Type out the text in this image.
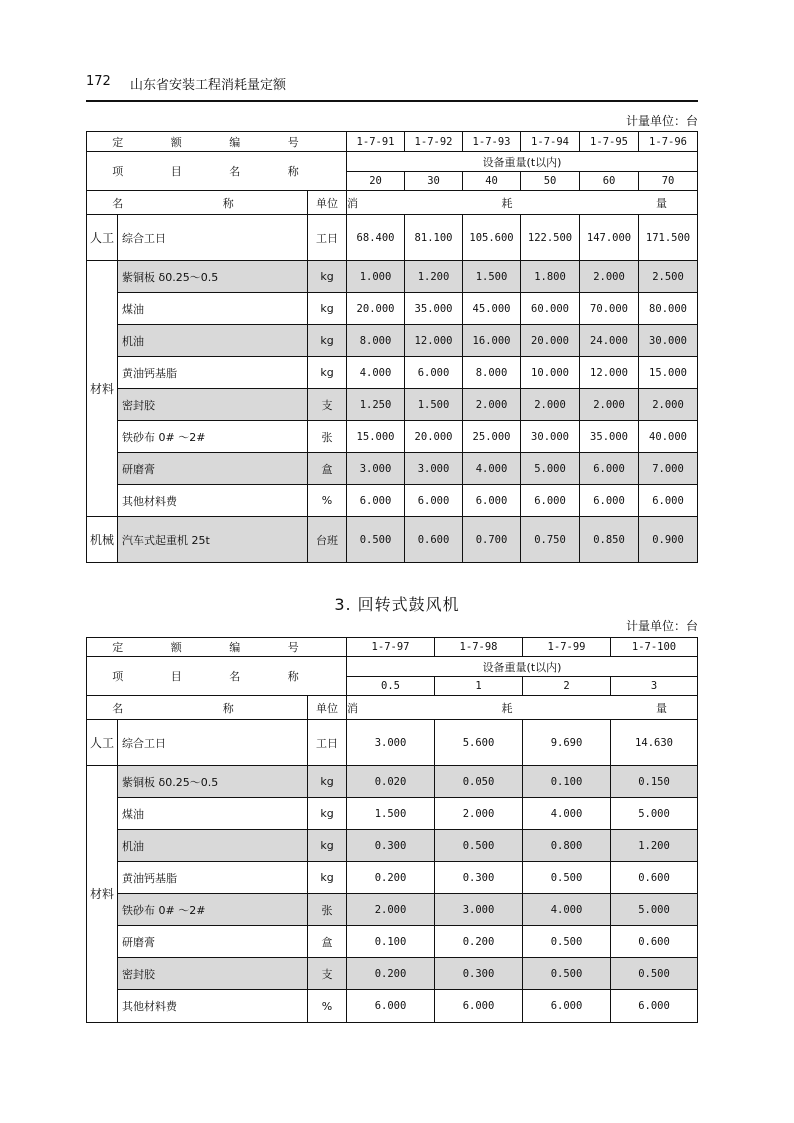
172 山东省安装工程消耗量定额
计量单位：台
定 额 编 号			1-7-91	1-7-92	1-7-93	1-7-94	1-7-95	1-7-96
项 目 名 称			设备重量(t以内)					
			20	30	40	50	60	70
名 称		单位	消 耗 量					
人工	综合工日	工日	68.400	81.100	105.600	122.500	147.000	171.500
材料	紫铜板 δ0.25～0.5	kg	1.000	1.200	1.500	1.800	2.000	2.500
	煤油	kg	20.000	35.000	45.000	60.000	70.000	80.000
	机油	kg	8.000	12.000	16.000	20.000	24.000	30.000
	黄油钙基脂	kg	4.000	6.000	8.000	10.000	12.000	15.000
	密封胶	支	1.250	1.500	2.000	2.000	2.000	2.000
	铁砂布 0# ～2#	张	15.000	20.000	25.000	30.000	35.000	40.000
	研磨膏	盒	3.000	3.000	4.000	5.000	6.000	7.000
	其他材料费	%	6.000	6.000	6.000	6.000	6.000	6.000
机械	汽车式起重机 25t	台班	0.500	0.600	0.700	0.750	0.850	0.900
3. 回转式鼓风机
计量单位：台
定 额 编 号			1-7-97	1-7-98	1-7-99	1-7-100
项 目 名 称			设备重量(t以内)			
			0.5	1	2	3
名 称		单位	消 耗 量			
人工	综合工日	工日	3.000	5.600	9.690	14.630
材料	紫铜板 δ0.25～0.5	kg	0.020	0.050	0.100	0.150
	煤油	kg	1.500	2.000	4.000	5.000
	机油	kg	0.300	0.500	0.800	1.200
	黄油钙基脂	kg	0.200	0.300	0.500	0.600
	铁砂布 0# ～2#	张	2.000	3.000	4.000	5.000
	研磨膏	盒	0.100	0.200	0.500	0.600
	密封胶	支	0.200	0.300	0.500	0.500
	其他材料费	%	6.000	6.000	6.000	6.000
